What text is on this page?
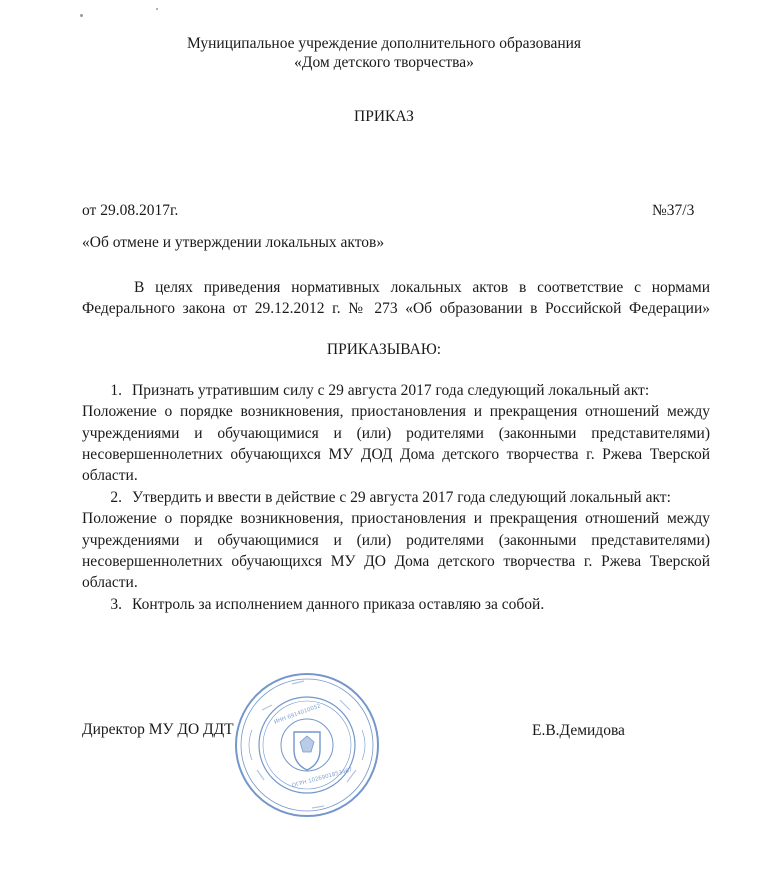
Муниципальное учреждение дополнительного образования
«Дом детского творчества»
ПРИКАЗ
от 29.08.2017г.	№37/3
«Об отмене и утверждении локальных актов»
В целях приведения нормативных локальных актов в соответствие с нормами
Федерального закона от 29.12.2012 г. № 273 «Об образовании в Российской Федерации»
ПРИКАЗЫВАЮ:
1. Признать утратившим силу с 29 августа 2017 года следующий локальный акт:
Положение о порядке возникновения, приостановления и прекращения отношений между
учреждениями и обучающимися и (или) родителями (законными представителями)
несовершеннолетних обучающихся МУ ДОД Дома детского творчества г. Ржева Тверской
области.
2. Утвердить и ввести в действие с 29 августа 2017 года следующий локальный акт:
Положение о порядке возникновения, приостановления и прекращения отношений между
учреждениями и обучающимися и (или) родителями (законными представителями)
несовершеннолетних обучающихся МУ ДО Дома детского творчества г. Ржева Тверской
области.
3. Контроль за исполнением данного приказа оставляю за собой.
Директор МУ ДО ДДТ	Е.В.Демидова
ИНН 6914010052
ОГРН 1026901853467
